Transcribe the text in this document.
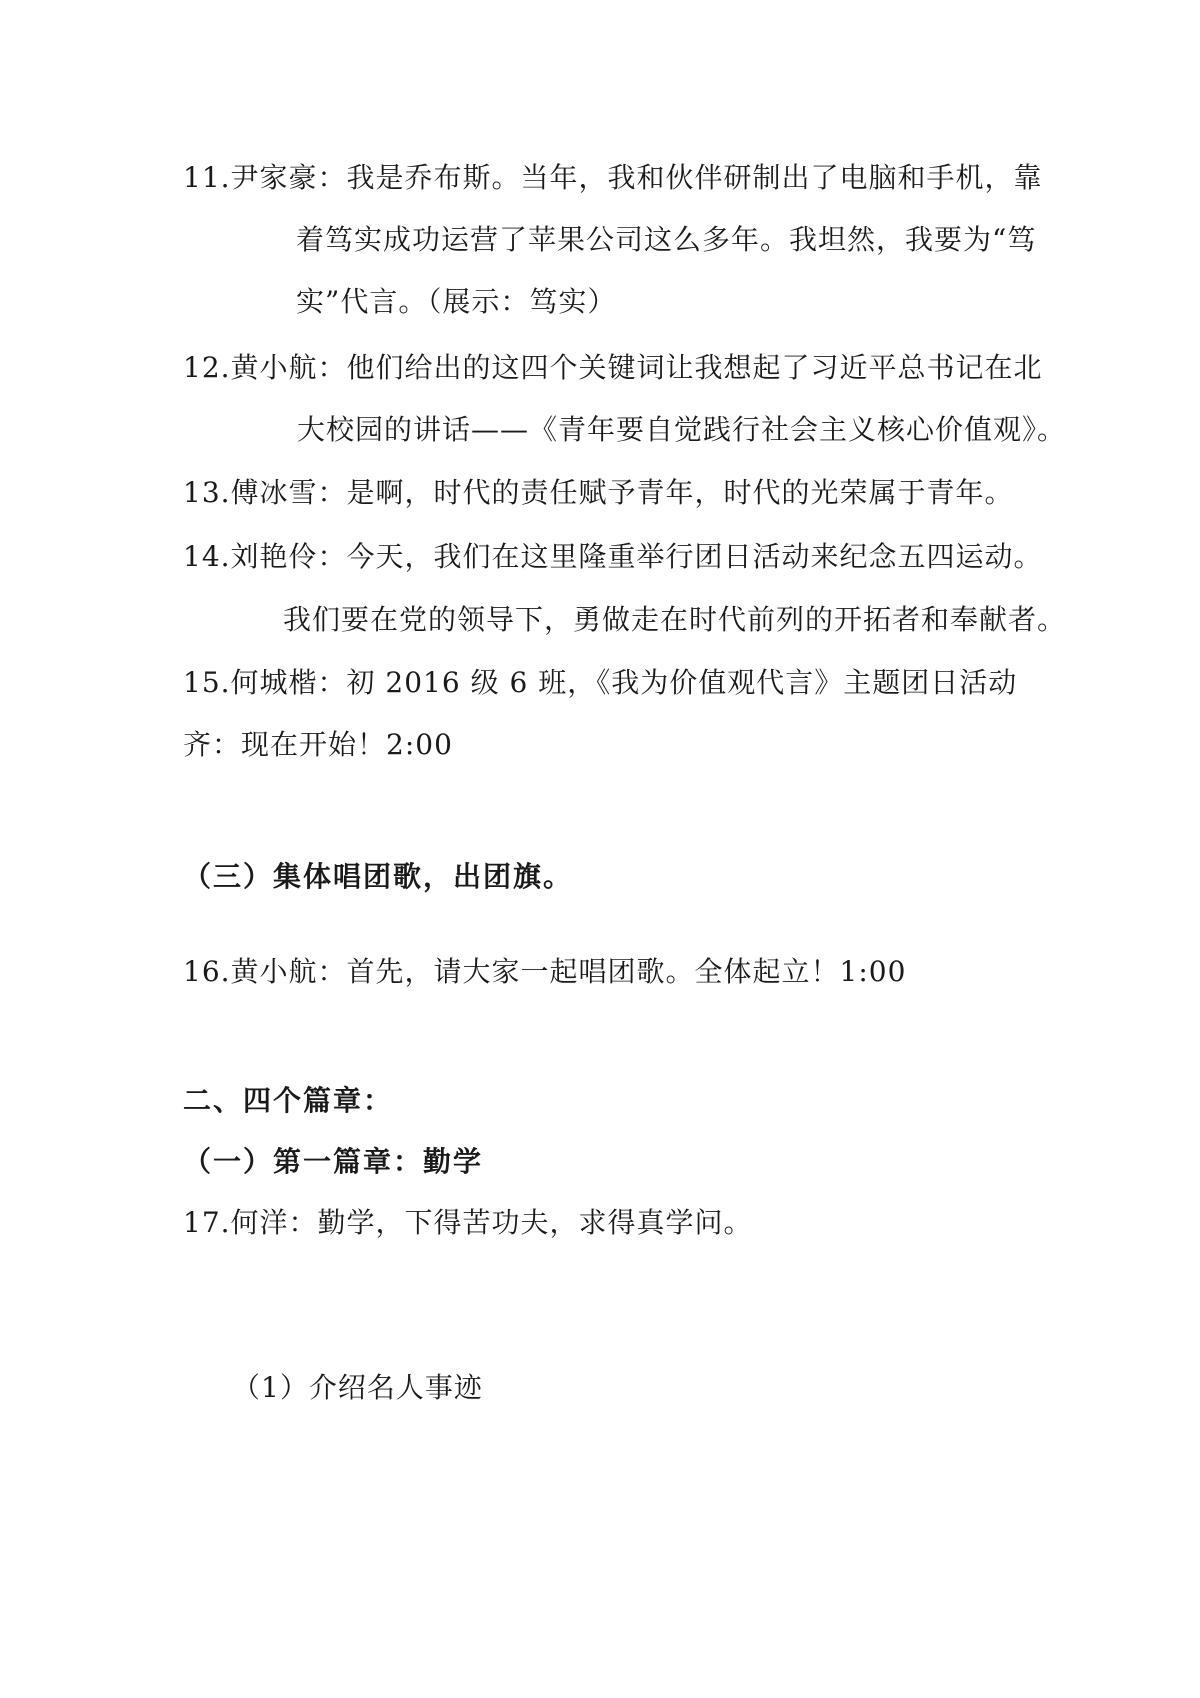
11.尹家豪：我是乔布斯。当年，我和伙伴研制出了电脑和手机，靠
着笃实成功运营了苹果公司这么多年。我坦然，我要为“笃
实”代言。（展示：笃实）
12.黄小航：他们给出的这四个关键词让我想起了习近平总书记在北
大校园的讲话——《青年要自觉践行社会主义核心价值观》。
13.傅冰雪：是啊，时代的责任赋予青年，时代的光荣属于青年。
14.刘艳伶：今天，我们在这里隆重举行团日活动来纪念五四运动。
我们要在党的领导下，勇做走在时代前列的开拓者和奉献者。
15.何城楷：初 2016 级 6 班，《我为价值观代言》主题团日活动
齐：现在开始！2:00
（三）集体唱团歌，出团旗。
16.黄小航：首先，请大家一起唱团歌。全体起立！1:00
二、四个篇章：
（一）第一篇章：勤学
17.何洋：勤学，下得苦功夫，求得真学问。
（1）介绍名人事迹
